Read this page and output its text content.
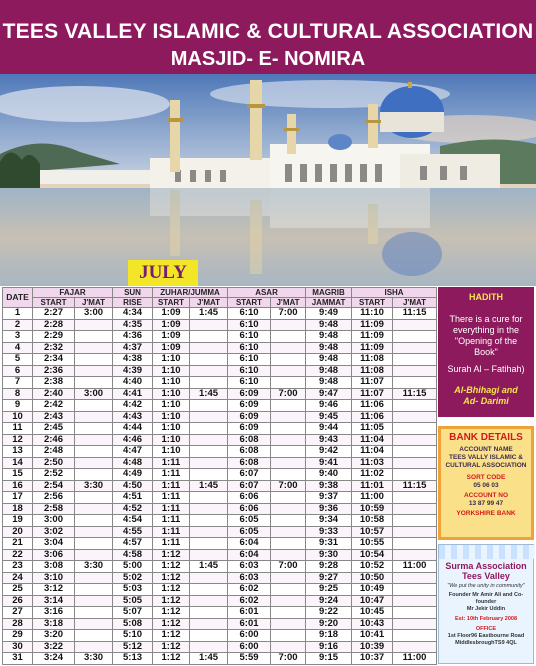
TEES VALLEY ISLAMIC & CULTURAL ASSOCIATION
MASJID- E- NOMIRA
JULY
DATE	FAJAR		SUN	ZUHAR/JUMMA		ASAR		MAGRIB	ISHA	
	START	J'MAT	RISE	START	J'MAT	START	J'MAT	JAMMAT	START	J'MAT
1	2:27	3:00	4:34	1:09	1:45	6:10	7:00	9:49	11:10	11:15
2	2:28		4:35	1:09		6:10		9:48	11:09	
3	2:29		4:36	1:09		6:10		9:48	11:09	
4	2:32		4:37	1:09		6:10		9:48	11:09	
5	2:34		4:38	1:10		6:10		9:48	11:08	
6	2:36		4:39	1:10		6:10		9:48	11:08	
7	2:38		4:40	1:10		6:10		9:48	11:07	
8	2:40	3:00	4:41	1:10	1:45	6:09	7:00	9:47	11:07	11:15
9	2:42		4:42	1:10		6:09		9:46	11:06	
10	2:43		4:43	1:10		6:09		9:45	11:06	
11	2:45		4:44	1:10		6:09		9:44	11:05	
12	2:46		4:46	1:10		6:08		9:43	11:04	
13	2:48		4:47	1:10		6:08		9:42	11:04	
14	2:50		4:48	1:11		6:08		9:41	11:03	
15	2:52		4:49	1:11		6:07		9:40	11:02	
16	2:54	3:30	4:50	1:11	1:45	6:07	7:00	9:38	11:01	11:15
17	2:56		4:51	1:11		6:06		9:37	11:00	
18	2:58		4:52	1:11		6:06		9:36	10:59	
19	3:00		4:54	1:11		6:05		9:34	10:58	
20	3:02		4:55	1:11		6:05		9:33	10:57	
21	3:04		4:57	1:11		6:04		9:31	10:55	
22	3:06		4:58	1:12		6:04		9:30	10:54	
23	3:08	3:30	5:00	1:12	1:45	6:03	7:00	9:28	10:52	11:00
24	3:10		5:02	1:12		6:03		9:27	10:50	
25	3:12		5:03	1:12		6:02		9:25	10:49	
26	3:14		5:05	1:12		6:02		9:24	10:47	
27	3:16		5:07	1:12		6:01		9:22	10:45	
28	3:18		5:08	1:12		6:01		9:20	10:43	
29	3:20		5:10	1:12		6:00		9:18	10:41	
30	3:22		5:12	1:12		6:00		9:16	10:39	
31	3:24	3:30	5:13	1:12	1:45	5:59	7:00	9:15	10:37	11:00
HADITH
There is a cure for everything in the "Opening of the Book"
Surah Al – Fatihah)
Al-Bhihagi and
Ad- Darimi
BANK DETAILS
ACCOUNT NAME
TEES VALLY ISLAMIC & CULTURAL ASSOCIATION
SORT CODE
05 06 03
ACCOUNT NO
13 87 99 47
YORKSHIRE BANK
Surma Association
Tees Valley
"We put the unity in community"
Founder Mr Amir Ali and Co-founder
Mr Jekir Uddin
Est: 10th February 2008
OFFICE
1st Floor96 Eastbourne Road
MiddlesbroughTS9 4QL
